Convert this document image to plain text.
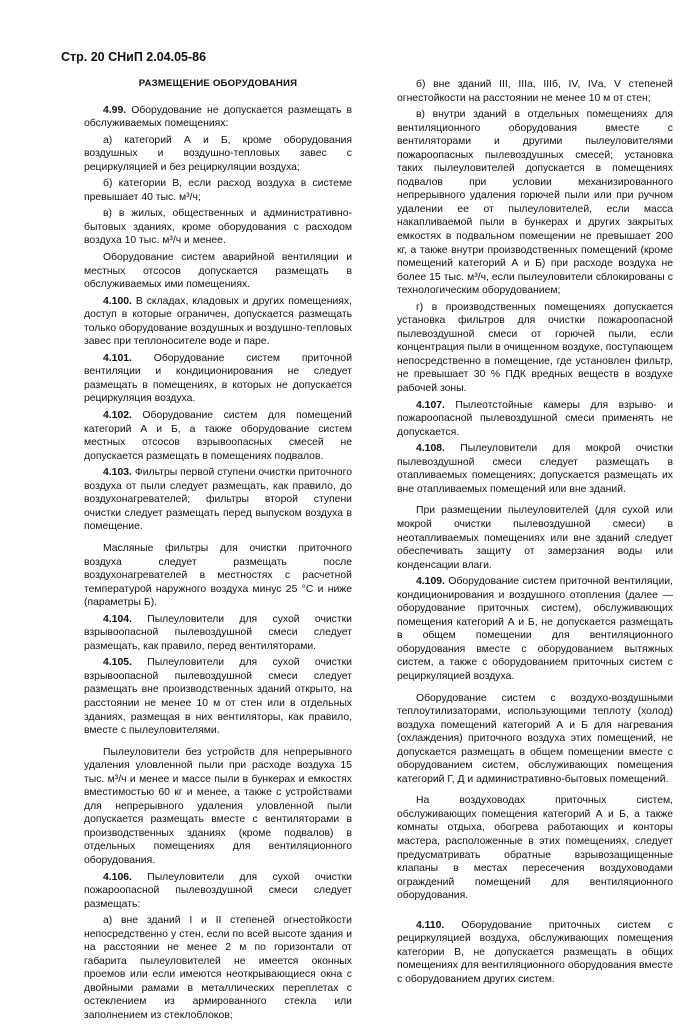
Стр. 20 СНиП 2.04.05-86
РАЗМЕЩЕНИЕ ОБОРУДОВАНИЯ

4.99. Оборудование не допускается размещать в обслуживаемых помещениях:

а) категорий А и Б, кроме оборудования воздушных и воздушно-тепловых завес с рециркуляцией и без рециркуляции воздуха;

б) категории В, если расход воздуха в системе превышает 40 тыс. м³/ч;

в) в жилых, общественных и административно-бытовых зданиях, кроме оборудования с расходом воздуха 10 тыс. м³/ч и менее.

Оборудование систем аварийной вентиляции и местных отсосов допускается размещать в обслуживаемых ими помещениях.

4.100. В складах, кладовых и других помещениях, доступ в которые ограничен, допускается размещать только оборудование воздушных и воздушно-тепловых завес при теплоносителе воде и паре.

4.101. Оборудование систем приточной вентиляции и кондиционирования не следует размещать в помещениях, в которых не допускается рециркуляция воздуха.

4.102. Оборудование систем для помещений категорий А и Б, а также оборудование систем местных отсосов взрывоопасных смесей не допускается размещать в помещениях подвалов.

4.103. Фильтры первой ступени очистки приточного воздуха от пыли следует размещать, как правило, до воздухонагревателей; фильтры второй ступени очистки следует размещать перед выпуском воздуха в помещение.

Масляные фильтры для очистки приточного воздуха следует размещать после воздухонагревателей в местностях с расчетной температурой наружного воздуха минус 25 °С и ниже (параметры Б).

4.104. Пылеуловители для сухой очистки взрывоопасной пылевоздушной смеси следует размещать, как правило, перед вентиляторами.

4.105. Пылеуловители для сухой очистки взрывоопасной пылевоздушной смеси следует размещать вне производственных зданий открыто, на расстоянии не менее 10 м от стен или в отдельных зданиях, размещая в них вентиляторы, как правило, вместе с пылеуловителями.

Пылеуловители без устройств для непрерывного удаления уловленной пыли при расходе воздуха 15 тыс. м³/ч и менее и массе пыли в бункерах и емкостях вместимостью 60 кг и менее, а также с устройствами для непрерывного удаления уловленной пыли допускается размещать вместе с вентиляторами в производственных зданиях (кроме подвалов) в отдельных помещениях для вентиляционного оборудования.

4.106. Пылеуловители для сухой очистки пожароопасной пылевоздушной смеси следует размещать:

а) вне зданий I и II степеней огнестойкости непосредственно у стен, если по всей высоте здания и на расстоянии не менее 2 м по горизонтали от габарита пылеуловителей не имеется оконных проемов или если имеются неоткрывающиеся окна с двойными рамами в металлических переплетах с остеклением из армированного стекла или заполнением из стеклоблоков;

б) вне зданий III, IIIа, IIIб, IV, IVа, V степеней огнестойкости на расстоянии не менее 10 м от стен;

в) внутри зданий в отдельных помещениях для вентиляционного оборудования вместе с вентиляторами и другими пылеуловителями пожароопасных пылевоздушных смесей; установка таких пылеуловителей допускается в помещениях подвалов при условии механизированного непрерывного удаления горючей пыли или при ручном удалении ее от пылеуловителей, если масса накапливаемой пыли в бункерах и других закрытых емкостях в подвальном помещении не превышает 200 кг, а также внутри производственных помещений (кроме помещений категорий А и Б) при расходе воздуха не более 15 тыс. м³/ч, если пылеуловители сблокированы с технологическим оборудованием;

г) в производственных помещениях допускается установка фильтров для очистки пожароопасной пылевоздушной смеси от горючей пыли, если концентрация пыли в очищенном воздухе, поступающем непосредственно в помещение, где установлен фильтр, не превышает 30 % ПДК вредных веществ в воздухе рабочей зоны.

4.107. Пылеотстойные камеры для взрыво- и пожароопасной пылевоздушной смеси применять не допускается.

4.108. Пылеуловители для мокрой очистки пылевоздушной смеси следует размещать в отапливаемых помещениях; допускается размещать их вне отапливаемых помещений или вне зданий.

При размещении пылеуловителей (для сухой или мокрой очистки пылевоздушной смеси) в неотапливаемых помещениях или вне зданий следует обеспечивать защиту от замерзания воды или конденсации влаги.

4.109. Оборудование систем приточной вентиляции, кондиционирования и воздушного отопления (далее — оборудование приточных систем), обслуживающих помещения категорий А и Б, не допускается размещать в общем помещении для вентиляционного оборудования вместе с оборудованием вытяжных систем, а также с оборудованием приточных систем с рециркуляцией воздуха.

Оборудование систем с воздухо-воздушными теплоутилизаторами, использующими теплоту (холод) воздуха помещений категорий А и Б для нагревания (охлаждения) приточного воздуха этих помещений, не допускается размещать в общем помещении вместе с оборудованием систем, обслуживающих помещения категорий Г, Д и административно-бытовых помещений.

На воздуховодах приточных систем, обслуживающих помещения категорий А и Б, а также комнаты отдыха, обогрева работающих и конторы мастера, расположенные в этих помещениях, следует предусматривать обратные взрывозащищенные клапаны в местах пересечения воздуховодами ограждений помещений для вентиляционного оборудования.

4.110. Оборудование приточных систем с рециркуляцией воздуха, обслуживающих помещения категории В, не допускается размещать в общих помещениях для вентиляционного оборудования вместе с оборудованием других систем.
